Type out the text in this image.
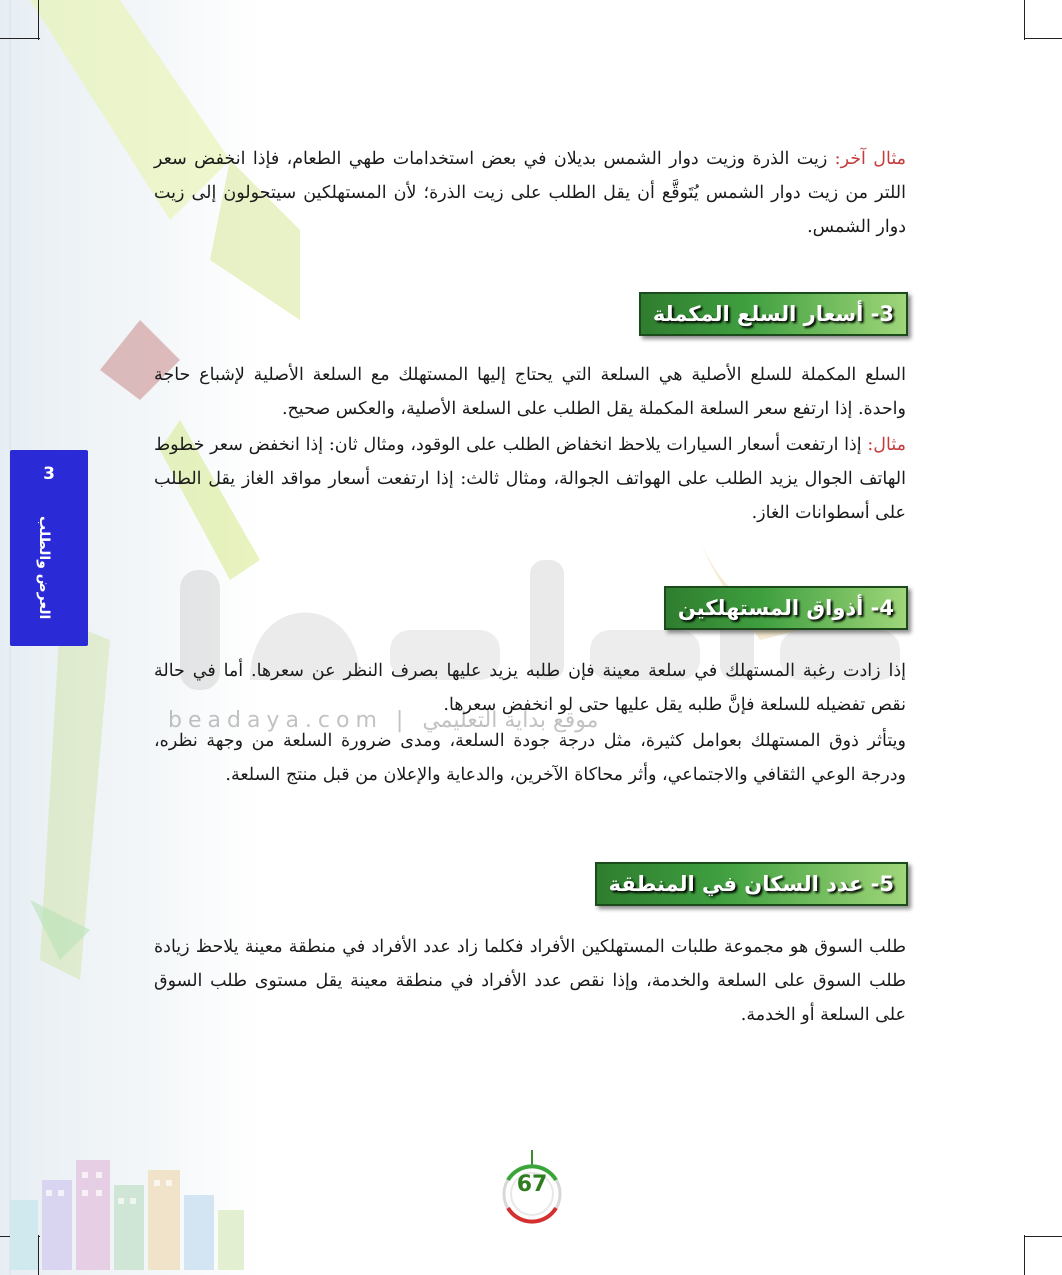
3
العرض والطلب
beadaya.com | موقع بداية التعليمي
مثال آخر: زيت الذرة وزيت دوار الشمس بديلان في بعض استخدامات طهي الطعام، فإذا انخفض سعر اللتر من زيت دوار الشمس يُتَوقَّع أن يقل الطلب على زيت الذرة؛ لأن المستهلكين سيتحولون إلى زيت دوار الشمس.
3- أسعار السلع المكملة
السلع المكملة للسلع الأصلية هي السلعة التي يحتاج إليها المستهلك مع السلعة الأصلية لإشباع حاجة واحدة. إذا ارتفع سعر السلعة المكملة يقل الطلب على السلعة الأصلية، والعكس صحيح.
مثال: إذا ارتفعت أسعار السيارات يلاحظ انخفاض الطلب على الوقود، ومثال ثان: إذا انخفض سعر خطوط الهاتف الجوال يزيد الطلب على الهواتف الجوالة، ومثال ثالث: إذا ارتفعت أسعار مواقد الغاز يقل الطلب على أسطوانات الغاز.
4- أذواق المستهلكين
إذا زادت رغبة المستهلك في سلعة معينة فإن طلبه يزيد عليها بصرف النظر عن سعرها. أما في حالة نقص تفضيله للسلعة فإنَّ طلبه يقل عليها حتى لو انخفض سعرها.
ويتأثر ذوق المستهلك بعوامل كثيرة، مثل درجة جودة السلعة، ومدى ضرورة السلعة من وجهة نظره، ودرجة الوعي الثقافي والاجتماعي، وأثر محاكاة الآخرين، والدعاية والإعلان من قبل منتج السلعة.
5- عدد السكان في المنطقة
طلب السوق هو مجموعة طلبات المستهلكين الأفراد فكلما زاد عدد الأفراد في منطقة معينة يلاحظ زيادة طلب السوق على السلعة والخدمة، وإذا نقص عدد الأفراد في منطقة معينة يقل مستوى طلب السوق على السلعة أو الخدمة.
67
